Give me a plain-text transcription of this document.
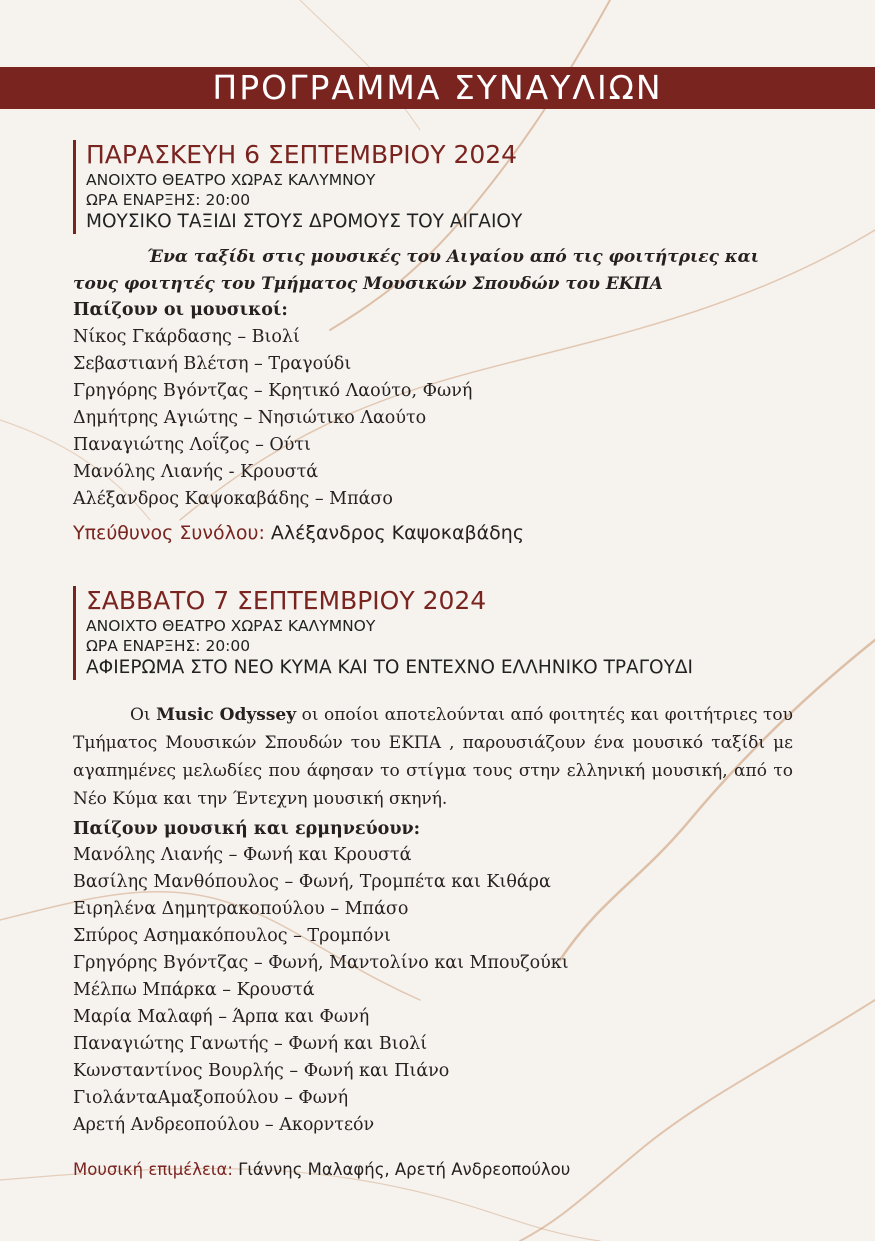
ΠΡΟΓΡΑΜΜΑ ΣΥΝΑΥΛΙΩΝ
ΠΑΡΑΣΚΕΥΗ 6 ΣΕΠΤΕΜΒΡΙΟΥ 2024
ΑΝΟΙΧΤΟ ΘΕΑΤΡΟ ΧΩΡΑΣ ΚΑΛΥΜΝΟΥ
ΩΡΑ ΕΝΑΡΞΗΣ: 20:00
ΜΟΥΣΙΚΟ ΤΑΞΙΔΙ ΣΤΟΥΣ ΔΡΟΜΟΥΣ ΤΟΥ ΑΙΓΑΙΟΥ
Ένα ταξίδι στις μουσικές του Αιγαίου από τις φοιτήτριες και
τους φοιτητές του Τμήματος Μουσικών Σπουδών του ΕΚΠΑ
Παίζουν οι μουσικοί:
Νίκος Γκάρδασης – Βιολί
Σεβαστιανή Βλέτση – Τραγούδι
Γρηγόρης Βγόντζας – Κρητικό Λαούτο, Φωνή
Δημήτρης Αγιώτης – Νησιώτικο Λαούτο
Παναγιώτης Λοΐζος – Ούτι
Μανόλης Λιανής - Κρουστά
Αλέξανδρος Καψοκαβάδης – Μπάσο
Υπεύθυνος Συνόλου: Αλέξανδρος Καψοκαβάδης
ΣΑΒΒΑΤΟ 7 ΣΕΠΤΕΜΒΡΙΟΥ 2024
ΑΝΟΙΧΤΟ ΘΕΑΤΡΟ ΧΩΡΑΣ ΚΑΛΥΜΝΟΥ
ΩΡΑ ΕΝΑΡΞΗΣ: 20:00
ΑΦΙΕΡΩΜΑ ΣΤΟ ΝΕΟ ΚΥΜΑ ΚΑΙ ΤΟ ΕΝΤΕΧΝΟ ΕΛΛΗΝΙΚΟ ΤΡΑΓΟΥΔΙ
Οι Music Odyssey οι οποίοι αποτελούνται από φοιτητές και φοιτήτριες του Τμήματος Μουσικών Σπουδών του ΕΚΠΑ , παρουσιάζουν ένα μουσικό ταξίδι με αγαπημένες μελωδίες που άφησαν το στίγμα τους στην ελληνική μουσική, από το Νέο Κύμα και την Έντεχνη μουσική σκηνή.
Παίζουν μουσική και ερμηνεύουν:
Μανόλης Λιανής – Φωνή και Κρουστά
Βασίλης Μανθόπουλος – Φωνή, Τρομπέτα και Κιθάρα
Ειρηλένα Δημητρακοπούλου – Μπάσο
Σπύρος Ασημακόπουλος – Τρομπόνι
Γρηγόρης Βγόντζας – Φωνή, Μαντολίνο και Μπουζούκι
Μέλπω Μπάρκα – Κρουστά
Μαρία Μαλαφή – Άρπα και Φωνή
Παναγιώτης Γανωτής – Φωνή και Βιολί
Κωνσταντίνος Βουρλής – Φωνή και Πιάνο
ΓιολάνταΑμαξοπούλου – Φωνή
Αρετή Ανδρεοπούλου – Ακορντεόν
Μουσική επιμέλεια: Γιάννης Μαλαφής, Αρετή Ανδρεοπούλου
